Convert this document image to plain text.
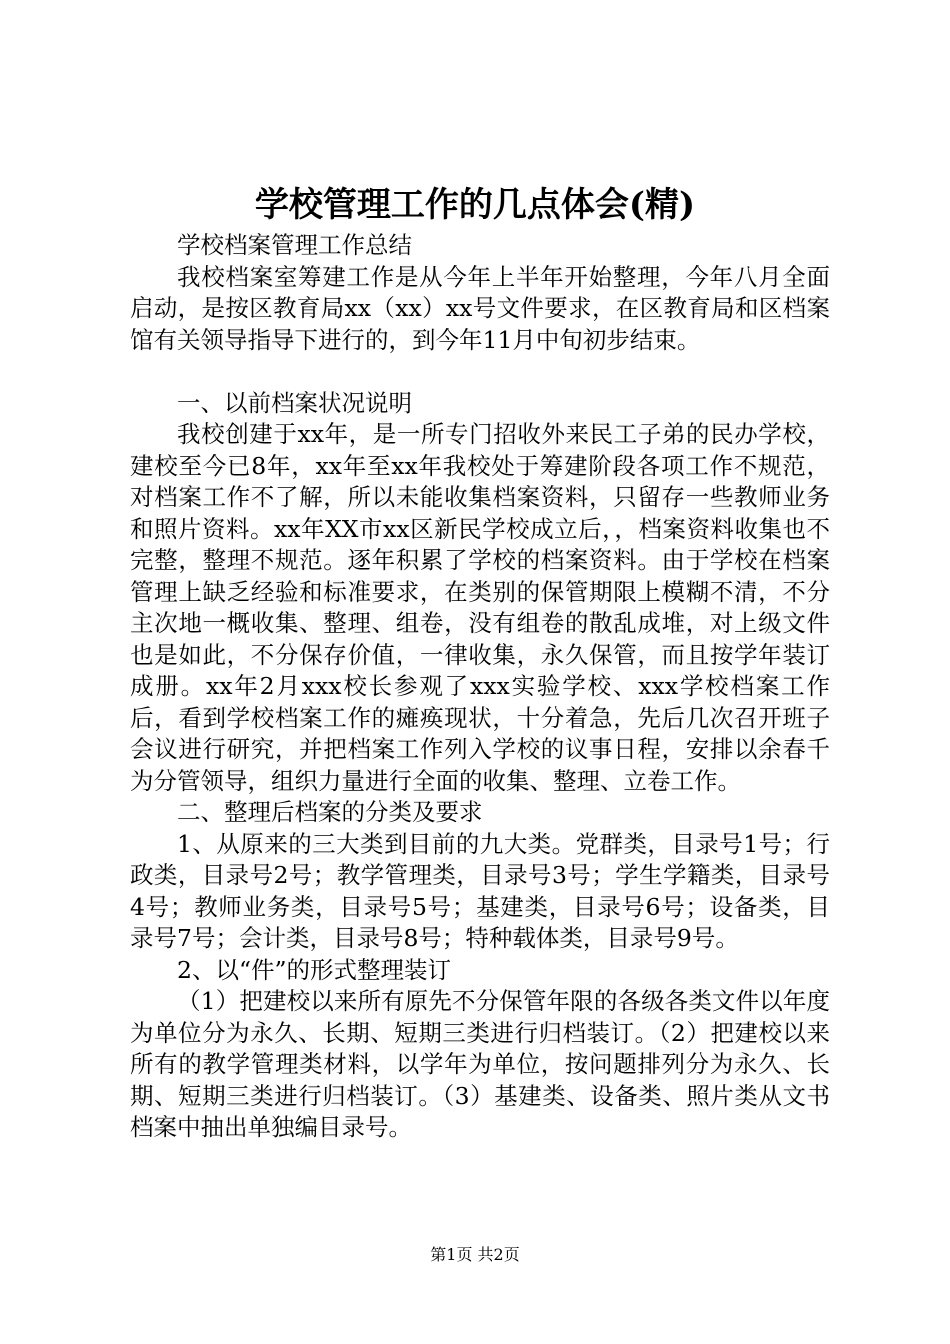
学校管理工作的几点体会(精)

学校档案管理工作总结

我校档案室筹建工作是从今年上半年开始整理，今年八月全面启动，是按区教育局xx（xx）xx号文件要求，在区教育局和区档案馆有关领导指导下进行的，到今年11月中旬初步结束。

一、以前档案状况说明

我校创建于xx年，是一所专门招收外来民工子弟的民办学校，建校至今已8年，xx年至xx年我校处于筹建阶段各项工作不规范，对档案工作不了解，所以未能收集档案资料，只留存一些教师业务和照片资料。xx年XX市xx区新民学校成立后，，档案资料收集也不完整，整理不规范。逐年积累了学校的档案资料。由于学校在档案管理上缺乏经验和标准要求，在类别的保管期限上模糊不清，不分主次地一概收集、整理、组卷，没有组卷的散乱成堆，对上级文件也是如此，不分保存价值，一律收集，永久保管，而且按学年装订成册。xx年2月xxx校长参观了xxx实验学校、xxx学校档案工作后，看到学校档案工作的瘫痪现状，十分着急，先后几次召开班子会议进行研究，并把档案工作列入学校的议事日程，安排以余春千为分管领导，组织力量进行全面的收集、整理、立卷工作。

二、整理后档案的分类及要求

1、从原来的三大类到目前的九大类。党群类，目录号1号；行政类，目录号2号；教学管理类，目录号3号；学生学籍类，目录号4号；教师业务类，目录号5号；基建类，目录号6号；设备类，目录号7号；会计类，目录号8号；特种载体类，目录号9号。

2、以“件”的形式整理装订

（1）把建校以来所有原先不分保管年限的各级各类文件以年度为单位分为永久、长期、短期三类进行归档装订。（2）把建校以来所有的教学管理类材料，以学年为单位，按问题排列分为永久、长期、短期三类进行归档装订。（3）基建类、设备类、照片类从文书档案中抽出单独编目录号。

第1页 共2页
